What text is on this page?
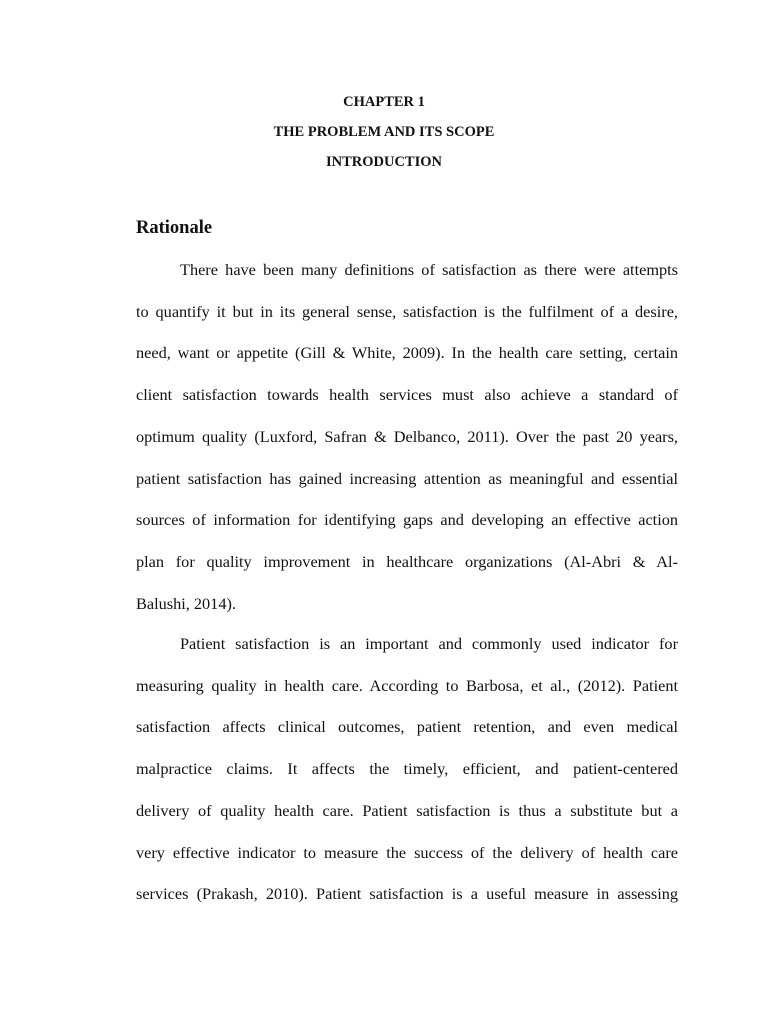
CHAPTER 1

THE PROBLEM AND ITS SCOPE

INTRODUCTION

Rationale
There have been many definitions of satisfaction as there were attempts
to quantify it but in its general sense, satisfaction is the fulfilment of a desire,
need, want or appetite (Gill & White, 2009). In the health care setting, certain
client satisfaction towards health services must also achieve a standard of
optimum quality (Luxford, Safran & Delbanco, 2011). Over the past 20 years,
patient satisfaction has gained increasing attention as meaningful and essential
sources of information for identifying gaps and developing an effective action
plan for quality improvement in healthcare organizations (Al-Abri & Al-
Balushi, 2014).
Patient satisfaction is an important and commonly used indicator for
measuring quality in health care. According to Barbosa, et al., (2012). Patient
satisfaction affects clinical outcomes, patient retention, and even medical
malpractice claims. It affects the timely, efficient, and patient-centered
delivery of quality health care. Patient satisfaction is thus a substitute but a
very effective indicator to measure the success of the delivery of health care
services (Prakash, 2010). Patient satisfaction is a useful measure in assessing
